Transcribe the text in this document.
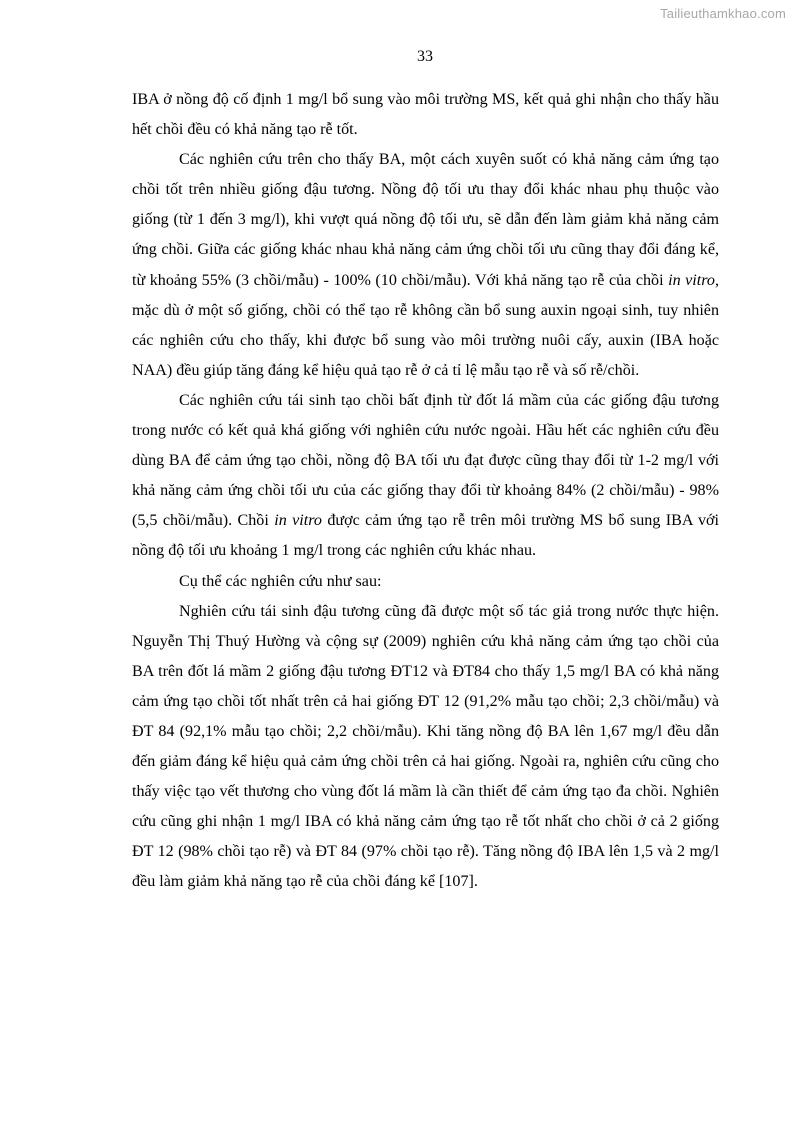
Tailieuthamkhao.com
33

IBA ở nồng độ cố định 1 mg/l bổ sung vào môi trường MS, kết quả ghi nhận cho thấy hầu hết chồi đều có khả năng tạo rễ tốt.

Các nghiên cứu trên cho thấy BA, một cách xuyên suốt có khả năng cảm ứng tạo chồi tốt trên nhiều giống đậu tương. Nồng độ tối ưu thay đổi khác nhau phụ thuộc vào giống (từ 1 đến 3 mg/l), khi vượt quá nồng độ tối ưu, sẽ dẫn đến làm giảm khả năng cảm ứng chồi. Giữa các giống khác nhau khả năng cảm ứng chồi tối ưu cũng thay đổi đáng kể, từ khoảng 55% (3 chồi/mẫu) - 100% (10 chồi/mẫu). Với khả năng tạo rễ của chồi in vitro, mặc dù ở một số giống, chồi có thể tạo rễ không cần bổ sung auxin ngoại sinh, tuy nhiên các nghiên cứu cho thấy, khi được bổ sung vào môi trường nuôi cấy, auxin (IBA hoặc NAA) đều giúp tăng đáng kể hiệu quả tạo rễ ở cả tỉ lệ mẫu tạo rễ và số rễ/chồi.

Các nghiên cứu tái sinh tạo chồi bất định từ đốt lá mầm của các giống đậu tương trong nước có kết quả khá giống với nghiên cứu nước ngoài. Hầu hết các nghiên cứu đều dùng BA để cảm ứng tạo chồi, nồng độ BA tối ưu đạt được cũng thay đổi từ 1-2 mg/l với khả năng cảm ứng chồi tối ưu của các giống thay đổi từ khoảng 84% (2 chồi/mẫu) - 98% (5,5 chồi/mẫu). Chồi in vitro được cảm ứng tạo rễ trên môi trường MS bổ sung IBA với nồng độ tối ưu khoảng 1 mg/l trong các nghiên cứu khác nhau.

Cụ thể các nghiên cứu như sau:

Nghiên cứu tái sinh đậu tương cũng đã được một số tác giả trong nước thực hiện. Nguyễn Thị Thuý Hường và cộng sự (2009) nghiên cứu khả năng cảm ứng tạo chồi của BA trên đốt lá mầm 2 giống đậu tương ĐT12 và ĐT84 cho thấy 1,5 mg/l BA có khả năng cảm ứng tạo chồi tốt nhất trên cả hai giống ĐT 12 (91,2% mẫu tạo chồi; 2,3 chồi/mẫu) và ĐT 84 (92,1% mẫu tạo chồi; 2,2 chồi/mẫu). Khi tăng nồng độ BA lên 1,67 mg/l đều dẫn đến giảm đáng kể hiệu quả cảm ứng chồi trên cả hai giống. Ngoài ra, nghiên cứu cũng cho thấy việc tạo vết thương cho vùng đốt lá mầm là cần thiết để cảm ứng tạo đa chồi. Nghiên cứu cũng ghi nhận 1 mg/l IBA có khả năng cảm ứng tạo rễ tốt nhất cho chồi ở cả 2 giống ĐT 12 (98% chồi tạo rễ) và ĐT 84 (97% chồi tạo rễ). Tăng nồng độ IBA lên 1,5 và 2 mg/l đều làm giảm khả năng tạo rễ của chồi đáng kể [107].
